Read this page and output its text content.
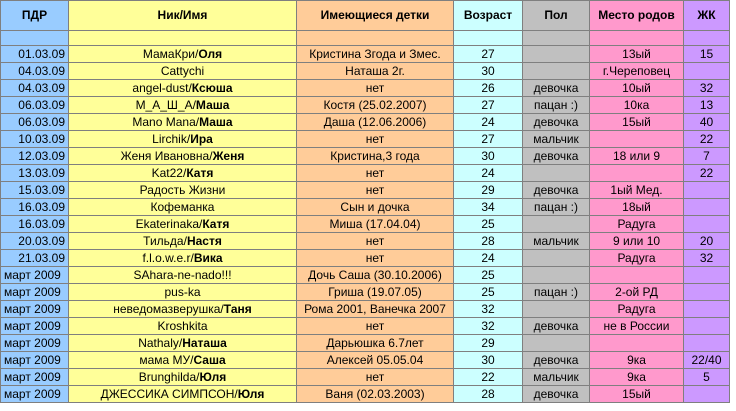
ПДР	Ник/Имя	Имеющиеся детки	Возраст	Пол	Место родов	ЖК	

01.03.09	МамаКри/Оля	Кристина Згода и Змес.	27		13ый	15	
04.03.09	Cattychi	Наташа 2г.	30		г.Череповец		
04.03.09	angel-dust/Ксюша	нет	26	девочка	10ый	32	
06.03.09	М_А_Ш_А/Маша	Костя (25.02.2007)	27	пацан :)	10ка	13	
06.03.09	Mano Mana/Маша	Даша (12.06.2006)	24	девочка	15ый	40	
10.03.09	Lirchik/Ира	нет	27	мальчик		22	
12.03.09	Женя Ивановна/Женя	Кристина,3 года	30	девочка	18 или 9	7	
13.03.09	Kat22/Катя	нет	24			22	
15.03.09	Радость Жизни	нет	29	девочка	1ый Мед.		
16.03.09	Кофеманка	Сын и дочка	34	пацан :)	18ый		
16.03.09	Ekaterinaka/Катя	Миша (17.04.04)	25		Радуга		
20.03.09	Тильда/Настя	нет	28	мальчик	9 или 10	20	
21.03.09	f.l.o.w.e.r/Вика	нет	24		Радуга	32	
март 2009	SAhara-ne-nado!!!	Дочь Саша (30.10.2006)	25				
март 2009	pus-ka	Гриша (19.07.05)	25	пацан :)	2-ой РД		
март 2009	неведомазверушка/Таня	Рома 2001, Ванечка 2007	32		Радуга		
март 2009	Kroshkita	нет	32	девочка	не в России		
март 2009	Nathaly/Наташа	Дарьюшка 6.7лет	29				
март 2009	мама МУ/Саша	Алексей 05.05.04	30	девочка	9ка	22/40	
март 2009	Brunghilda/Юля	нет	22	мальчик	9ка	5	
март 2009	ДЖЕССИКА СИМПСОН/Юля	Ваня (02.03.2003)	28	девочка	15ый		
